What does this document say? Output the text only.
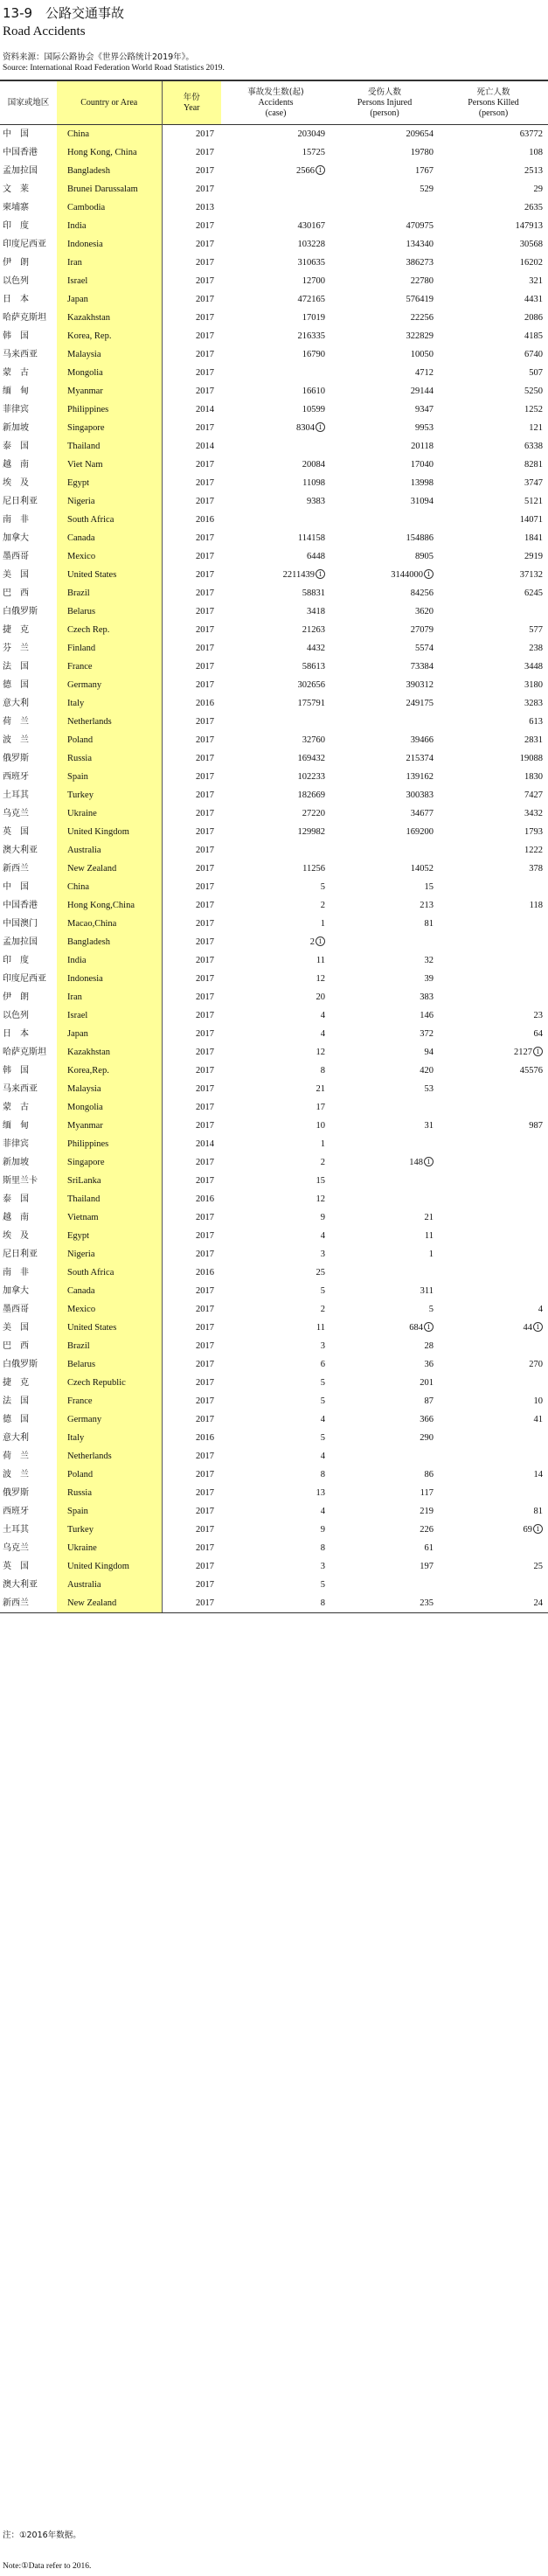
13-9　公路交通事故
Road Accidents
资料来源：国际公路协会《世界公路统计2019年》。
Source: International Road Federation World Road Statistics 2019.
国家或地区	Country or Area	年份
Year	事故发生数(起)
Accidents
(case)	受伤人数
Persons Injured
(person)	死亡人数
Persons Killed
(person)

中　国	China	2017	203049	209654	63772
中国香港	Hong Kong, China	2017	15725	19780	108
孟加拉国	Bangladesh	2017	2566 1	1767	2513
文　莱	Brunei Darussalam	2017		529	29
柬埔寨	Cambodia	2013			2635
印　度	India	2017	430167	470975	147913
印度尼西亚	Indonesia	2017	103228	134340	30568
伊　朗	Iran	2017	310635	386273	16202
以色列	Israel	2017	12700	22780	321
日　本	Japan	2017	472165	576419	4431
哈萨克斯坦	Kazakhstan	2017	17019	22256	2086
韩　国	Korea, Rep.	2017	216335	322829	4185
马来西亚	Malaysia	2017	16790	10050	6740
蒙　古	Mongolia	2017		4712	507
缅　甸	Myanmar	2017	16610	29144	5250
菲律宾	Philippines	2014	10599	9347	1252
新加坡	Singapore	2017	8304 1	9953	121
泰　国	Thailand	2014		20118	6338
越　南	Viet Nam	2017	20084	17040	8281
埃　及	Egypt	2017	11098	13998	3747
尼日利亚	Nigeria	2017	9383	31094	5121
南　非	South Africa	2016			14071
加拿大	Canada	2017	114158	154886	1841
墨西哥	Mexico	2017	6448	8905	2919
美　国	United States	2017	2211439 1	3144000 1	37132
巴　西	Brazil	2017	58831	84256	6245
白俄罗斯	Belarus	2017	3418	3620	
捷　克	Czech Rep.	2017	21263	27079	577
芬　兰	Finland	2017	4432	5574	238
法　国	France	2017	58613	73384	3448
德　国	Germany	2017	302656	390312	3180
意大利	Italy	2016	175791	249175	3283
荷　兰	Netherlands	2017			613
波　兰	Poland	2017	32760	39466	2831
俄罗斯	Russia	2017	169432	215374	19088
西班牙	Spain	2017	102233	139162	1830
土耳其	Turkey	2017	182669	300383	7427
乌克兰	Ukraine	2017	27220	34677	3432
英　国	United Kingdom	2017	129982	169200	1793
澳大利亚	Australia	2017			1222
新西兰	New Zealand	2017	11256	14052	378
中　国	China	2017	5	15	
中国香港	Hong Kong,China	2017	2	213	118
中国澳门	Macao,China	2017	1	81	
孟加拉国	Bangladesh	2017	2 1		
印　度	India	2017	11	32	
印度尼西亚	Indonesia	2017	12	39	
伊　朗	Iran	2017	20	383	
以色列	Israel	2017	4	146	23
日　本	Japan	2017	4	372	64
哈萨克斯坦	Kazakhstan	2017	12	94	2127 1
韩　国	Korea,Rep.	2017	8	420	45576
马来西亚	Malaysia	2017	21	53	
蒙　古	Mongolia	2017	17		
缅　甸	Myanmar	2017	10	31	987
菲律宾	Philippines	2014	1		
新加坡	Singapore	2017	2	148 1	
斯里兰卡	SriLanka	2017	15		
泰　国	Thailand	2016	12		
越　南	Vietnam	2017	9	21	
埃　及	Egypt	2017	4	11	
尼日利亚	Nigeria	2017	3	1	
南　非	South Africa	2016	25		
加拿大	Canada	2017	5	311	
墨西哥	Mexico	2017	2	5	4
美　国	United States	2017	11	684 1	44 1
巴　西	Brazil	2017	3	28	
白俄罗斯	Belarus	2017	6	36	270
捷　克	Czech Republic	2017	5	201	
法　国	France	2017	5	87	10
德　国	Germany	2017	4	366	41
意大利	Italy	2016	5	290	
荷　兰	Netherlands	2017	4		
波　兰	Poland	2017	8	86	14
俄罗斯	Russia	2017	13	117	
西班牙	Spain	2017	4	219	81
土耳其	Turkey	2017	9	226	69 1
乌克兰	Ukraine	2017	8	61	
英　国	United Kingdom	2017	3	197	25
澳大利亚	Australia	2017	5		
新西兰	New Zealand	2017	8	235	24
注：①2016年数据。
Note:①Data refer to 2016.
